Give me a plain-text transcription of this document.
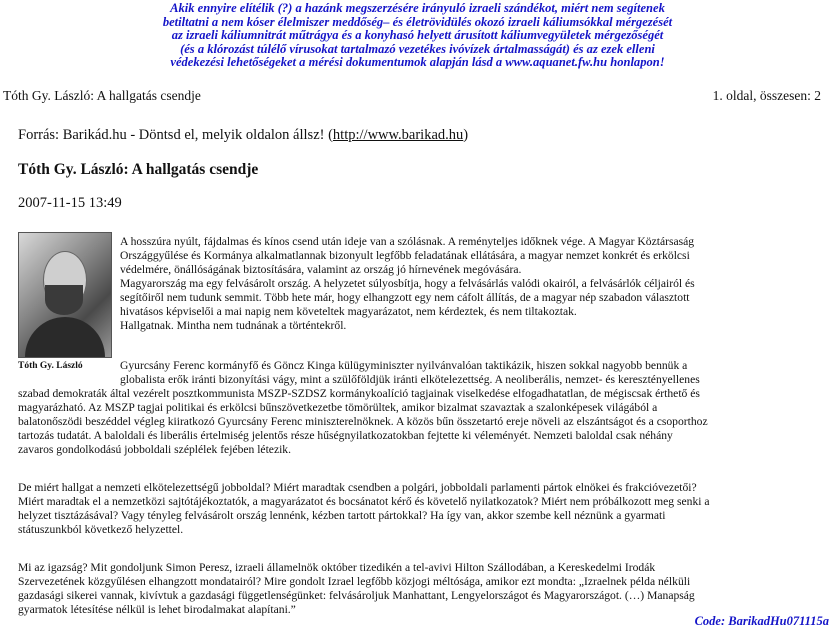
Akik ennyire elítélik (?) a hazánk megszerzésére irányuló izraeli szándékot, miért nem segítenek
betiltatni a nem kóser élelmiszer meddőség– és életrövidülés okozó izraeli káliumsókkal mérgezését
az izraeli káliumnitrát műtrágya és a konyhasó helyett árusított káliumvegyületek mérgezőségét
(és a klórozást túlélő vírusokat tartalmazó vezetékes ivóvízek ártalmasságát) és az ezek elleni
védekezési lehetőségeket a mérési dokumentumok alapján lásd a www.aquanet.fw.hu honlapon!
Tóth Gy. László: A hallgatás csendje	1. oldal, összesen: 2
Forrás: Barikád.hu - Döntsd el, melyik oldalon állsz! (http://www.barikad.hu)
Tóth Gy. László: A hallgatás csendje
2007-11-15 13:49
Tóth Gy. László
A hosszúra nyúlt, fájdalmas és kínos csend után ideje van a szólásnak. A reményteljes időknek vége. A Magyar Köztársaság
Országgyűlése és Kormánya alkalmatlannak bizonyult legfőbb feladatának ellátására, a magyar nemzet konkrét és erkölcsi
védelmére, önállóságának biztosítására, valamint az ország jó hírnevének megóvására.
Magyarország ma egy felvásárolt ország. A helyzetet súlyosbítja, hogy a felvásárlás valódi okairól, a felvásárlók céljairól és
segítőiről nem tudunk semmit. Több hete már, hogy elhangzott egy nem cáfolt állítás, de a magyar nép szabadon választott
hivatásos képviselői a mai napig nem követeltek magyarázatot, nem kérdeztek, és nem tiltakoztak.
Hallgatnak. Mintha nem tudnának a történtekről.
Gyurcsány Ferenc kormányfő és Göncz Kinga külügyminiszter nyilvánvalóan taktikázik, hiszen sokkal nagyobb bennük a
globalista erők iránti bizonyítási vágy, mint a szülőföldjük iránti elkötelezettség. A neoliberális, nemzet- és keresztényellenes
szabad demokraták által vezérelt posztkommunista MSZP-SZDSZ kormánykoalíció tagjainak viselkedése elfogadhatatlan, de mégiscsak érthető és
magyarázható. Az MSZP tagjai politikai és erkölcsi bűnszövetkezetbe tömörültek, amikor bizalmat szavaztak a szalonképesek világából a
balatonőszödi beszéddel végleg kiiratkozó Gyurcsány Ferenc miniszterelnöknek. A közös bűn összetartó ereje növeli az elszántságot és a csoporthoz
tartozás tudatát. A baloldali és liberális értelmiség jelentős része hűségnyilatkozatokban fejtette ki véleményét. Nemzeti baloldal csak néhány
zavaros gondolkodású jobboldali széplélek fejében létezik.
De miért hallgat a nemzeti elkötelezettségű jobboldal? Miért maradtak csendben a polgári, jobboldali parlamenti pártok elnökei és frakcióvezetői?
Miért maradtak el a nemzetközi sajtótájékoztatók, a magyarázatot és bocsánatot kérő és követelő nyilatkozatok? Miért nem próbálkozott meg senki a
helyzet tisztázásával? Vagy tényleg felvásárolt ország lennénk, kézben tartott pártokkal? Ha így van, akkor szembe kell néznünk a gyarmati
státuszunkból következő helyzettel.
Mi az igazság? Mit gondoljunk Simon Peresz, izraeli államelnök október tizedikén a tel-avivi Hilton Szállodában, a Kereskedelmi Irodák
Szervezetének közgyűlésen elhangzott mondatairól? Mire gondolt Izrael legfőbb közjogi méltósága, amikor ezt mondta: „Izraelnek példa nélküli
gazdasági sikerei vannak, kivívtuk a gazdasági függetlenségünket: felvásároljuk Manhattant, Lengyelországot és Magyarországot. (…) Manapság
gyarmatok létesítése nélkül is lehet birodalmakat alapítani.”
Code: BarikadHu071115a
